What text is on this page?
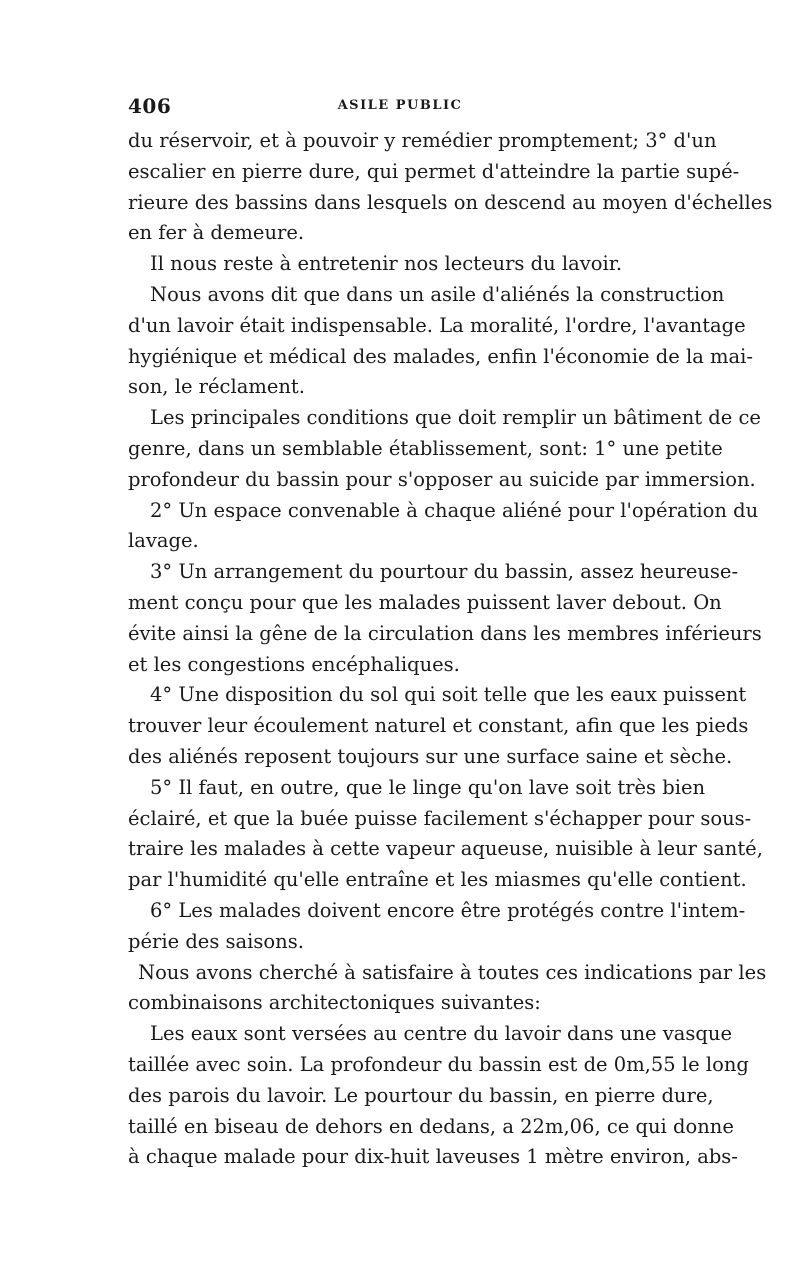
406	ASILE PUBLIC
du réservoir, et à pouvoir y remédier promptement; 3° d'un
escalier en pierre dure, qui permet d'atteindre la partie supé-
rieure des bassins dans lesquels on descend au moyen d'échelles
en fer à demeure.
Il nous reste à entretenir nos lecteurs du lavoir.
Nous avons dit que dans un asile d'aliénés la construction
d'un lavoir était indispensable. La moralité, l'ordre, l'avantage
hygiénique et médical des malades, enfin l'économie de la mai-
son, le réclament.
Les principales conditions que doit remplir un bâtiment de ce
genre, dans un semblable établissement, sont: 1° une petite
profondeur du bassin pour s'opposer au suicide par immersion.
2° Un espace convenable à chaque aliéné pour l'opération du
lavage.
3° Un arrangement du pourtour du bassin, assez heureuse-
ment conçu pour que les malades puissent laver debout. On
évite ainsi la gêne de la circulation dans les membres inférieurs
et les congestions encéphaliques.
4° Une disposition du sol qui soit telle que les eaux puissent
trouver leur écoulement naturel et constant, afin que les pieds
des aliénés reposent toujours sur une surface saine et sèche.
5° Il faut, en outre, que le linge qu'on lave soit très bien
éclairé, et que la buée puisse facilement s'échapper pour sous-
traire les malades à cette vapeur aqueuse, nuisible à leur santé,
par l'humidité qu'elle entraîne et les miasmes qu'elle contient.
6° Les malades doivent encore être protégés contre l'intem-
périe des saisons.
Nous avons cherché à satisfaire à toutes ces indications par les
combinaisons architectoniques suivantes:
Les eaux sont versées au centre du lavoir dans une vasque
taillée avec soin. La profondeur du bassin est de 0m,55 le long
des parois du lavoir. Le pourtour du bassin, en pierre dure,
taillé en biseau de dehors en dedans, a 22m,06, ce qui donne
à chaque malade pour dix-huit laveuses 1 mètre environ, abs-
